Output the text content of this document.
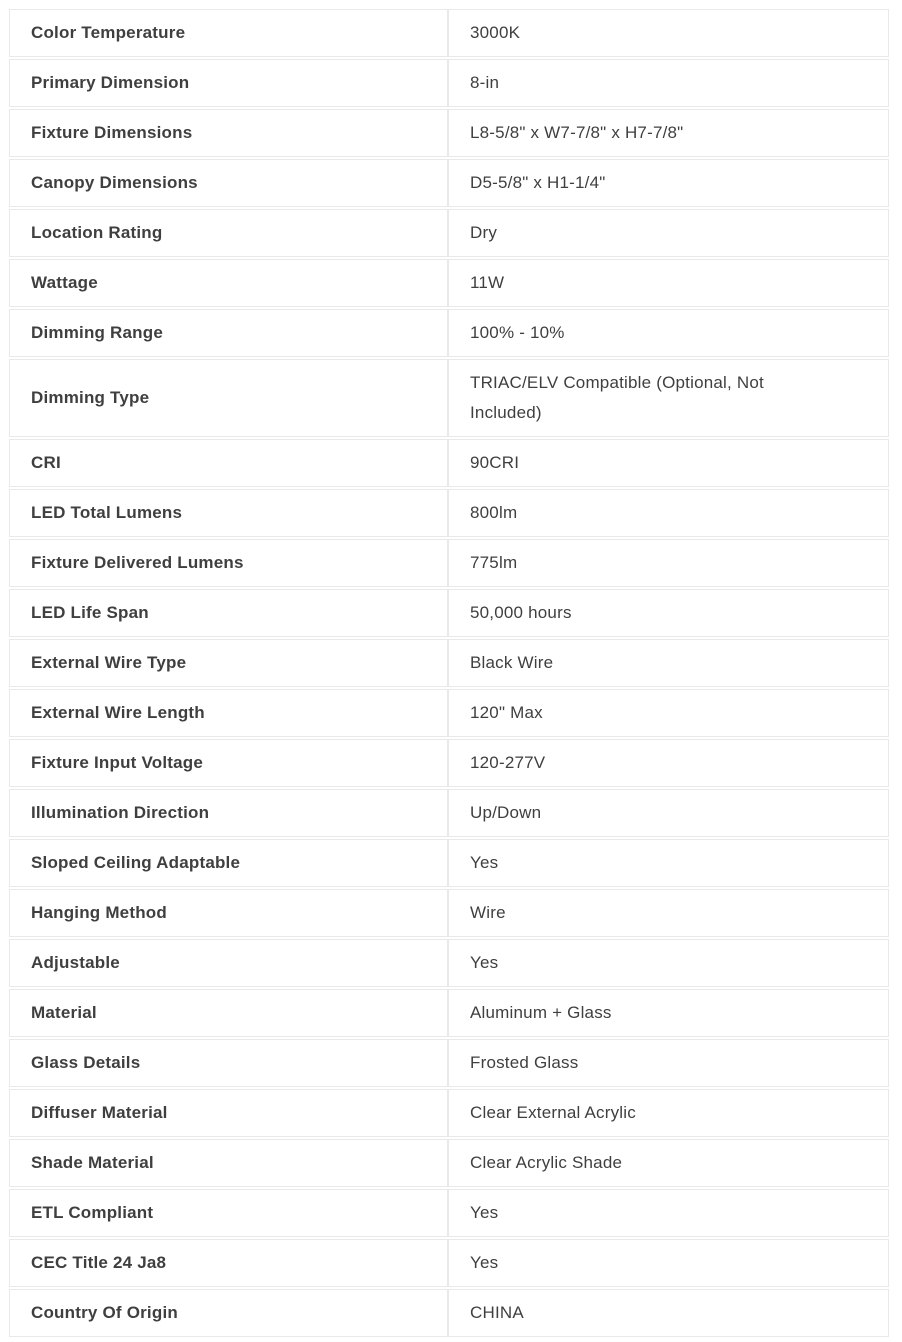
Color Temperature	3000K
Primary Dimension	8-in
Fixture Dimensions	L8-5/8" x W7-7/8" x H7-7/8"
Canopy Dimensions	D5-5/8" x H1-1/4"
Location Rating	Dry
Wattage	11W
Dimming Range	100% - 10%
Dimming Type	TRIAC/ELV Compatible (Optional, Not Included)
CRI	90CRI
LED Total Lumens	800lm
Fixture Delivered Lumens	775lm
LED Life Span	50,000 hours
External Wire Type	Black Wire
External Wire Length	120" Max
Fixture Input Voltage	120-277V
Illumination Direction	Up/Down
Sloped Ceiling Adaptable	Yes
Hanging Method	Wire
Adjustable	Yes
Material	Aluminum + Glass
Glass Details	Frosted Glass
Diffuser Material	Clear External Acrylic
Shade Material	Clear Acrylic Shade
ETL Compliant	Yes
CEC Title 24 Ja8	Yes
Country Of Origin	CHINA
